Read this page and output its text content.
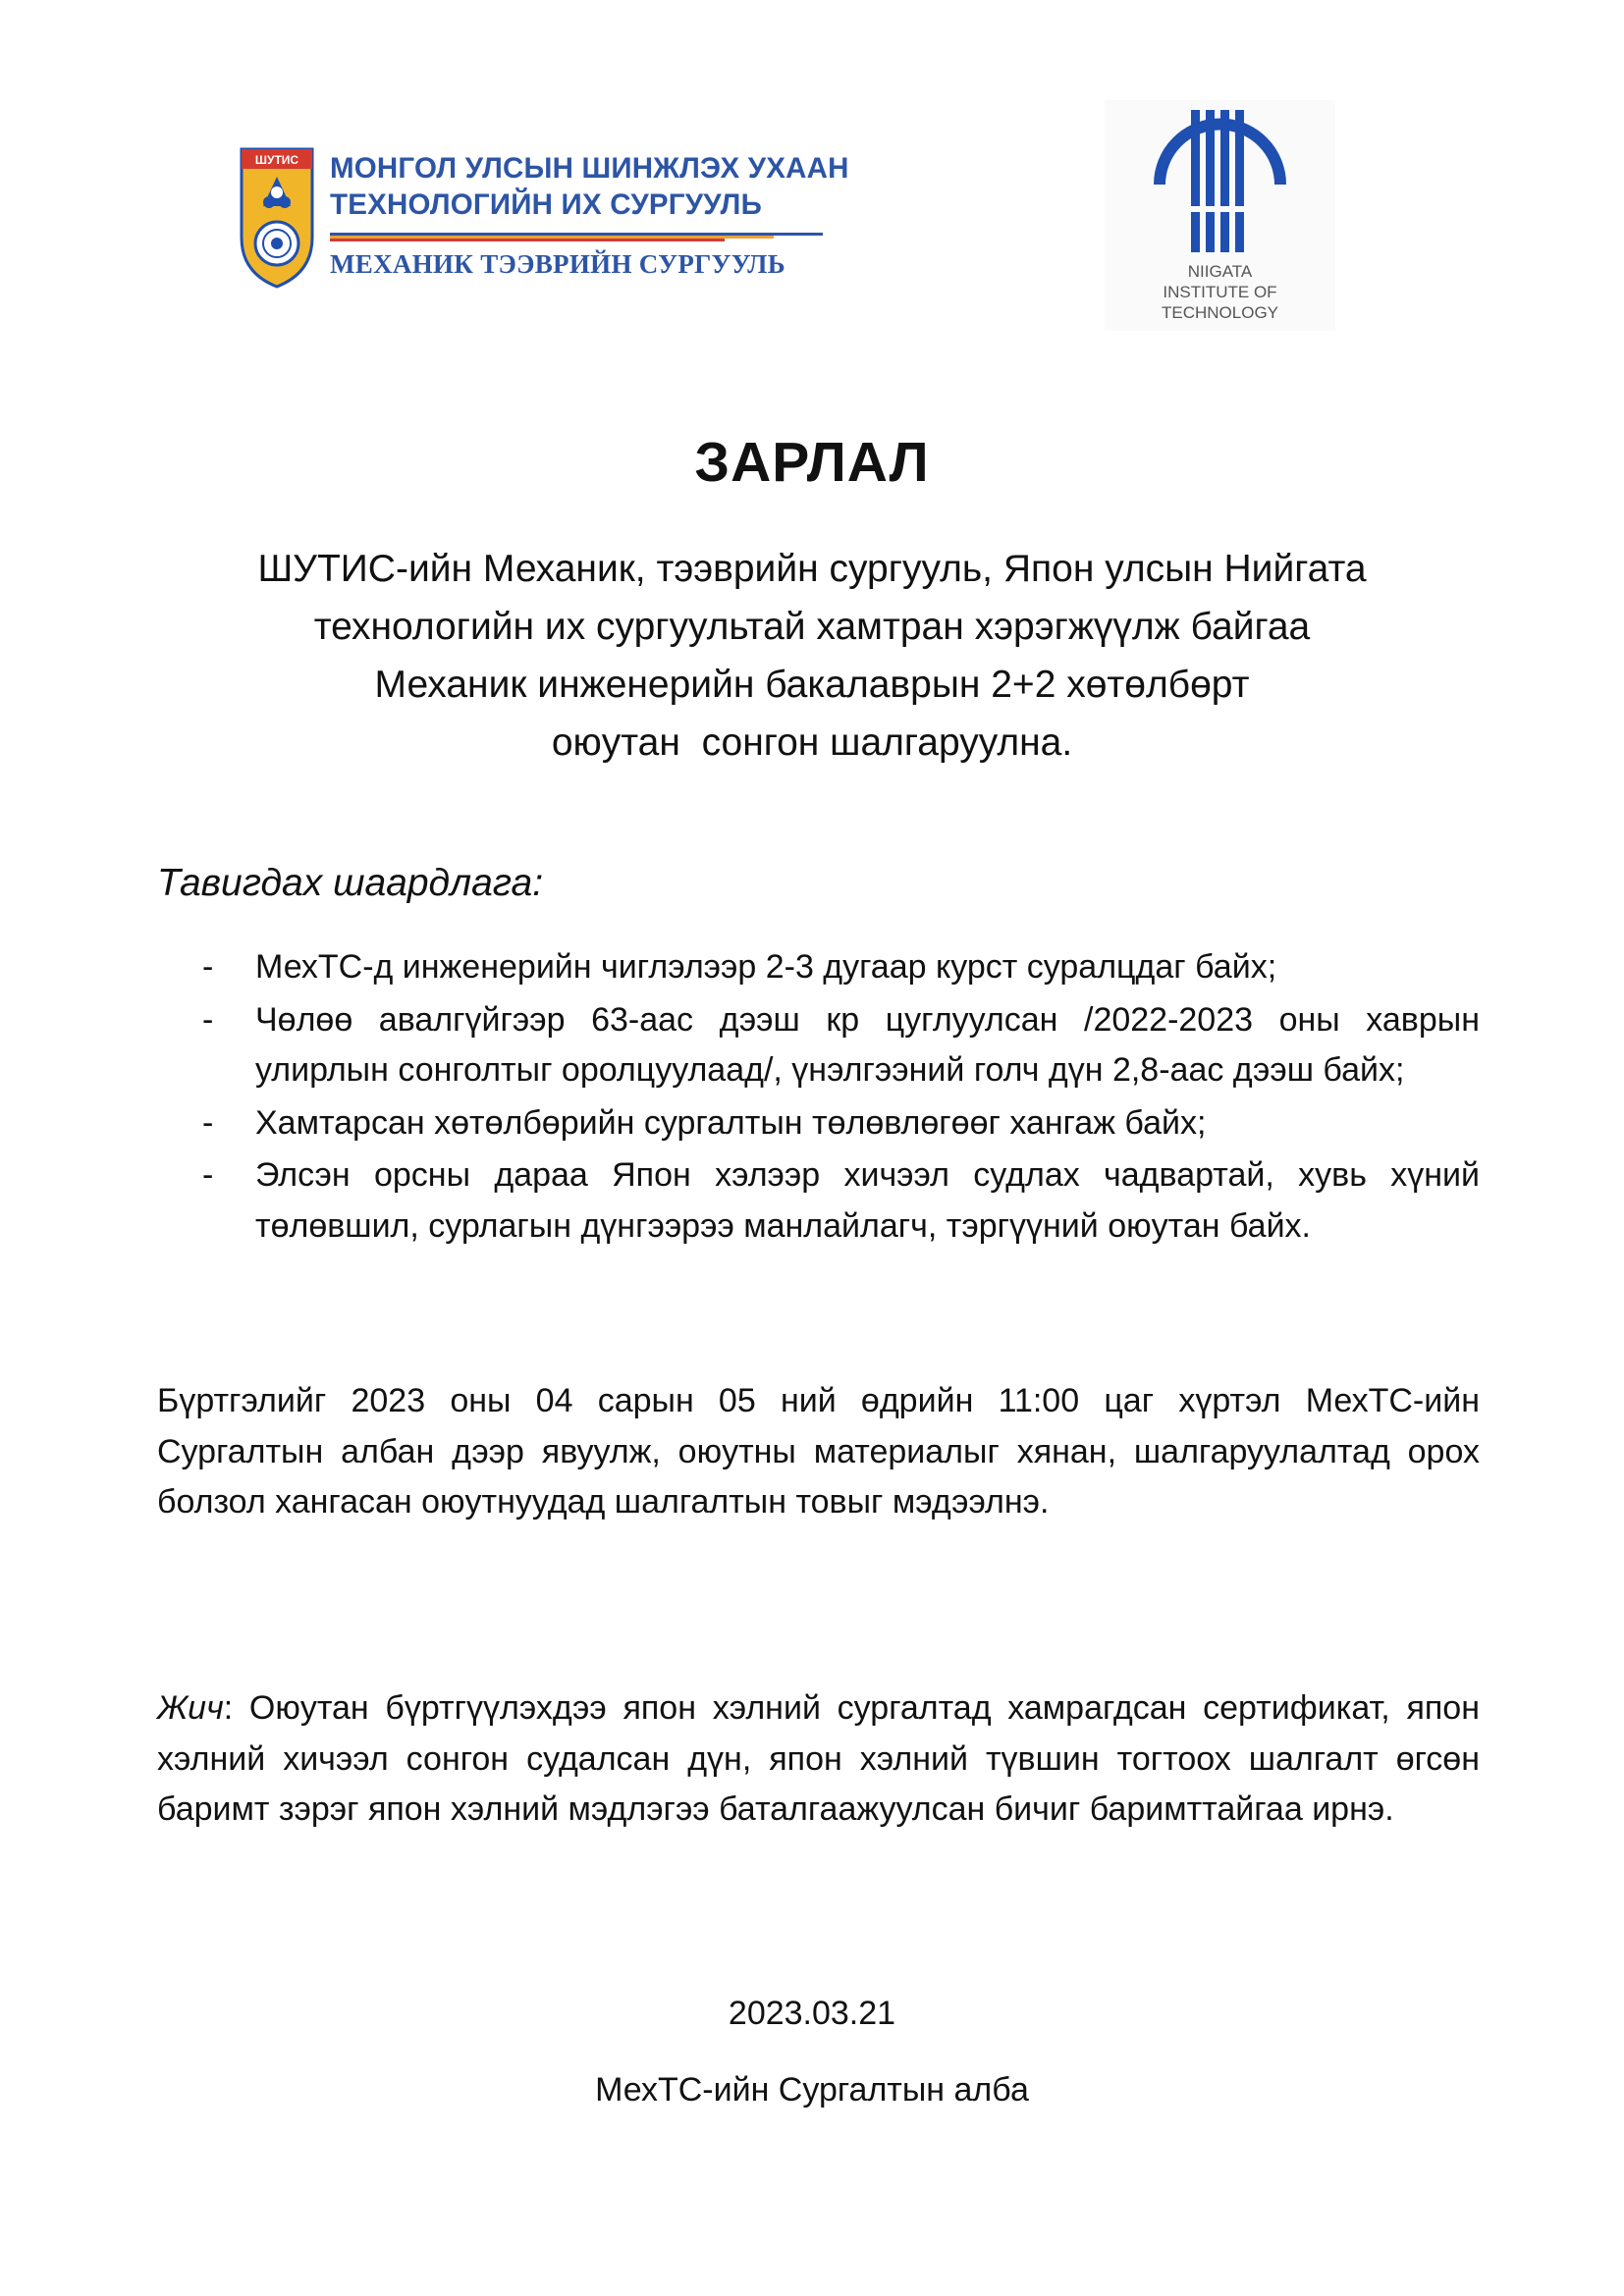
ШУТИС МОНГОЛ УЛСЫН ШИНЖЛЭХ УХААН
ТЕХНОЛОГИЙН ИХ СУРГУУЛЬ
МЕХАНИК ТЭЭВРИЙН СУРГУУЛЬ	NIIGATA
INSTITUTE OF
TECHNOLOGY
ЗАРЛАЛ
ШУТИС-ийн Механик, тээврийн сургууль, Япон улсын Нийгата
технологийн их сургуультай хамтран хэрэгжүүлж байгаа
Механик инженерийн бакалаврын 2+2 хөтөлбөрт
оюутан  сонгон шалгаруулна.
Тавигдах шаардлага:
- МехТС-д инженерийн чиглэлээр 2-3 дугаар курст суралцдаг байх;
- Чөлөө авалгүйгээр 63-аас дээш кр цуглуулсан /2022-2023 оны хаврын улирлын сонголтыг оролцуулаад/, үнэлгээний голч дүн 2,8-аас дээш байх;
- Хамтарсан хөтөлбөрийн сургалтын төлөвлөгөөг хангаж байх;
- Элсэн орсны дараа Япон хэлээр хичээл судлах чадвартай, хувь хүний төлөвшил, сурлагын дүнгээрээ манлайлагч, тэргүүний оюутан байх.
Бүртгэлийг 2023 оны 04 сарын 05 ний өдрийн 11:00 цаг хүртэл МехТС-ийн Сургалтын албан дээр явуулж, оюутны материалыг хянан, шалгаруулалтад орох болзол хангасан оюутнуудад шалгалтын товыг мэдээлнэ.
Жич: Оюутан бүртгүүлэхдээ япон хэлний сургалтад хамрагдсан сертификат, япон хэлний хичээл сонгон судалсан дүн, япон хэлний түвшин тогтоох шалгалт өгсөн баримт зэрэг япон хэлний мэдлэгээ баталгаажуулсан бичиг баримттайгаа ирнэ.
2023.03.21
МехТС-ийн Сургалтын алба
